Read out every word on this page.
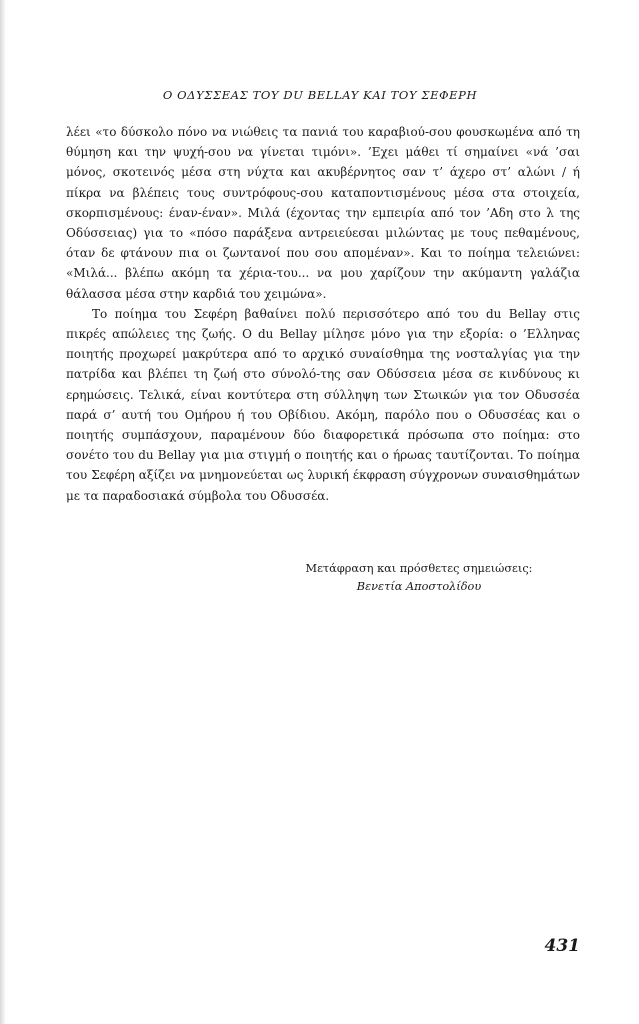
Ο ΟΔΥΣΣΕΑΣ ΤΟΥ DU BELLAY ΚΑΙ ΤΟΥ ΣΕΦΕΡΗ

λέει «το δύσκολο πόνο να νιώθεις τα πανιά του καραβιού-σου φουσκωμένα από τη θύμηση και την ψυχή-σου να γίνεται τιμόνι». ’Εχει μάθει τί σημαίνει «νά ’σαι μόνος, σκοτεινός μέσα στη νύχτα και ακυβέρνητος σαν τ’ άχερο στ’ αλώνι / ή πίκρα να βλέπεις τους συντρόφους-σου καταποντισμένους μέσα στα στοιχεία, σκορπισμένους: έναν-έναν». Μιλά (έχοντας την εμπειρία από τον ’Αδη στο λ της Οδύσσειας) για το «πόσο παράξενα αντρειεύεσαι μιλώντας με τους πεθαμένους, όταν δε φτάνουν πια οι ζωντανοί που σου απομέναν». Και το ποίημα τελειώνει: «Μιλά... βλέπω ακόμη τα χέρια-του... να μου χαρίζουν την ακύμαντη γαλάζια θάλασσα μέσα στην καρδιά του χειμώνα».

Το ποίημα του Σεφέρη βαθαίνει πολύ περισσότερο από του du Bellay στις πικρές απώλειες της ζωής. Ο du Bellay μίλησε μόνο για την εξορία: ο ’Ελληνας ποιητής προχωρεί μακρύτερα από το αρχικό συναίσθημα της νοσταλγίας για την πατρίδα και βλέπει τη ζωή στο σύνολό-της σαν Οδύσσεια μέσα σε κινδύνους κι ερημώσεις. Τελικά, είναι κοντύτερα στη σύλληψη των Στωικών για τον Οδυσσέα παρά σ’ αυτή του Ομήρου ή του Οβίδιου. Ακόμη, παρόλο που ο Οδυσσέας και ο ποιητής συμπάσχουν, παραμένουν δύο διαφορετικά πρόσωπα στο ποίημα: στο σονέτο του du Bellay για μια στιγμή ο ποιητής και ο ήρωας ταυτίζονται. Το ποίημα του Σεφέρη αξίζει να μνημονεύεται ως λυρική έκφραση σύγχρονων συναισθημάτων με τα παραδοσιακά σύμβολα του Οδυσσέα.

Μετάφραση και πρόσθετες σημειώσεις:
Βενετία Αποστολίδου
431
